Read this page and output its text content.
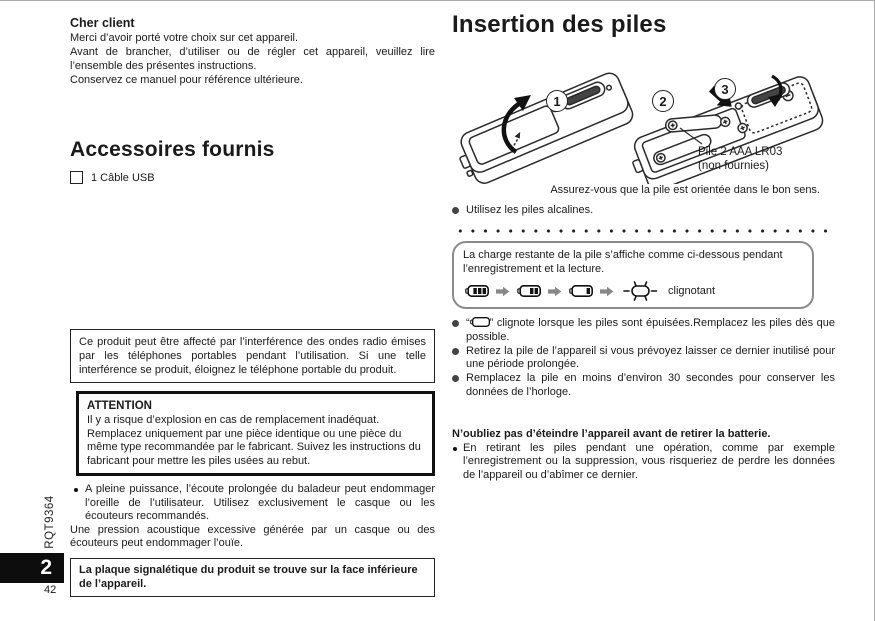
RQT9364
2
42
Cher client
Merci d’avoir porté votre choix sur cet appareil.
Avant de brancher, d’utiliser ou de régler cet appareil, veuillez lire l’ensemble des présentes instructions.
Conservez ce manuel pour référence ultérieure.
Accessoires fournis
1 Câble USB
Ce produit peut être affecté par l’interférence des ondes radio émises par les téléphones portables pendant l’utilisation. Si une telle interférence se produit, éloignez le téléphone portable du produit.
ATTENTION
Il y a risque d’explosion en cas de remplacement inadéquat. Remplacez uniquement par une pièce identique ou une pièce du même type recommandée par le fabricant. Suivez les instructions du fabricant pour mettre les piles usées au rebut.
A pleine puissance, l’écoute prolongée du baladeur peut endommager l’oreille de l’utilisateur. Utilisez exclusivement le casque ou les écouteurs recommandés.
Une pression acoustique excessive générée par un casque ou des écouteurs peut endommager l’ouïe.
La plaque signalétique du produit se trouve sur la face inférieure de l’appareil.
Insertion des piles
1	2
3
Pile 2 AAA LR03
(non fournies)
Assurez-vous que la pile est orientée dans le bon sens.
Utilisez les piles alcalines.
La charge restante de la pile s’affiche comme ci-dessous pendant
l’enregistrement et la lecture.
clignotant
“ ” clignote lorsque les piles sont épuisées.Remplacez les piles dès que possible.
Retirez la pile de l’appareil si vous prévoyez laisser ce dernier inutilisé pour une période prolongée.
Remplacez la pile en moins d’environ 30 secondes pour conserver les données de l’horloge.
N’oubliez pas d’éteindre l’appareil avant de retirer la batterie.
En retirant les piles pendant une opération, comme par exemple l’enregistrement ou la suppression, vous risqueriez de perdre les données de l’appareil ou d’abîmer ce dernier.
